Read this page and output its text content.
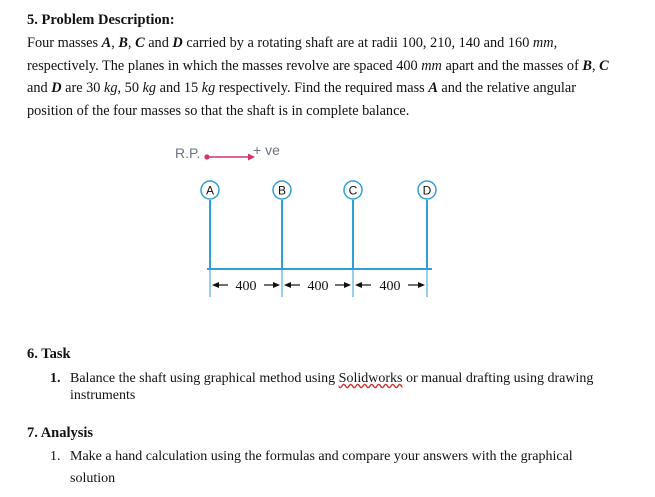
5. Problem Description:
Four masses A, B, C and D carried by a rotating shaft are at radii 100, 210, 140 and 160 mm, respectively. The planes in which the masses revolve are spaced 400 mm apart and the masses of B, C and D are 30 kg, 50 kg and 15 kg respectively. Find the required mass A and the relative angular position of the four masses so that the shaft is in complete balance.
R.P.	+ ve
A	B	C	D
400	400	400
6. Task
1. Balance the shaft using graphical method using Solidworks or manual drafting using drawing instruments
7. Analysis
1. Make a hand calculation using the formulas and compare your answers with the graphical solution
